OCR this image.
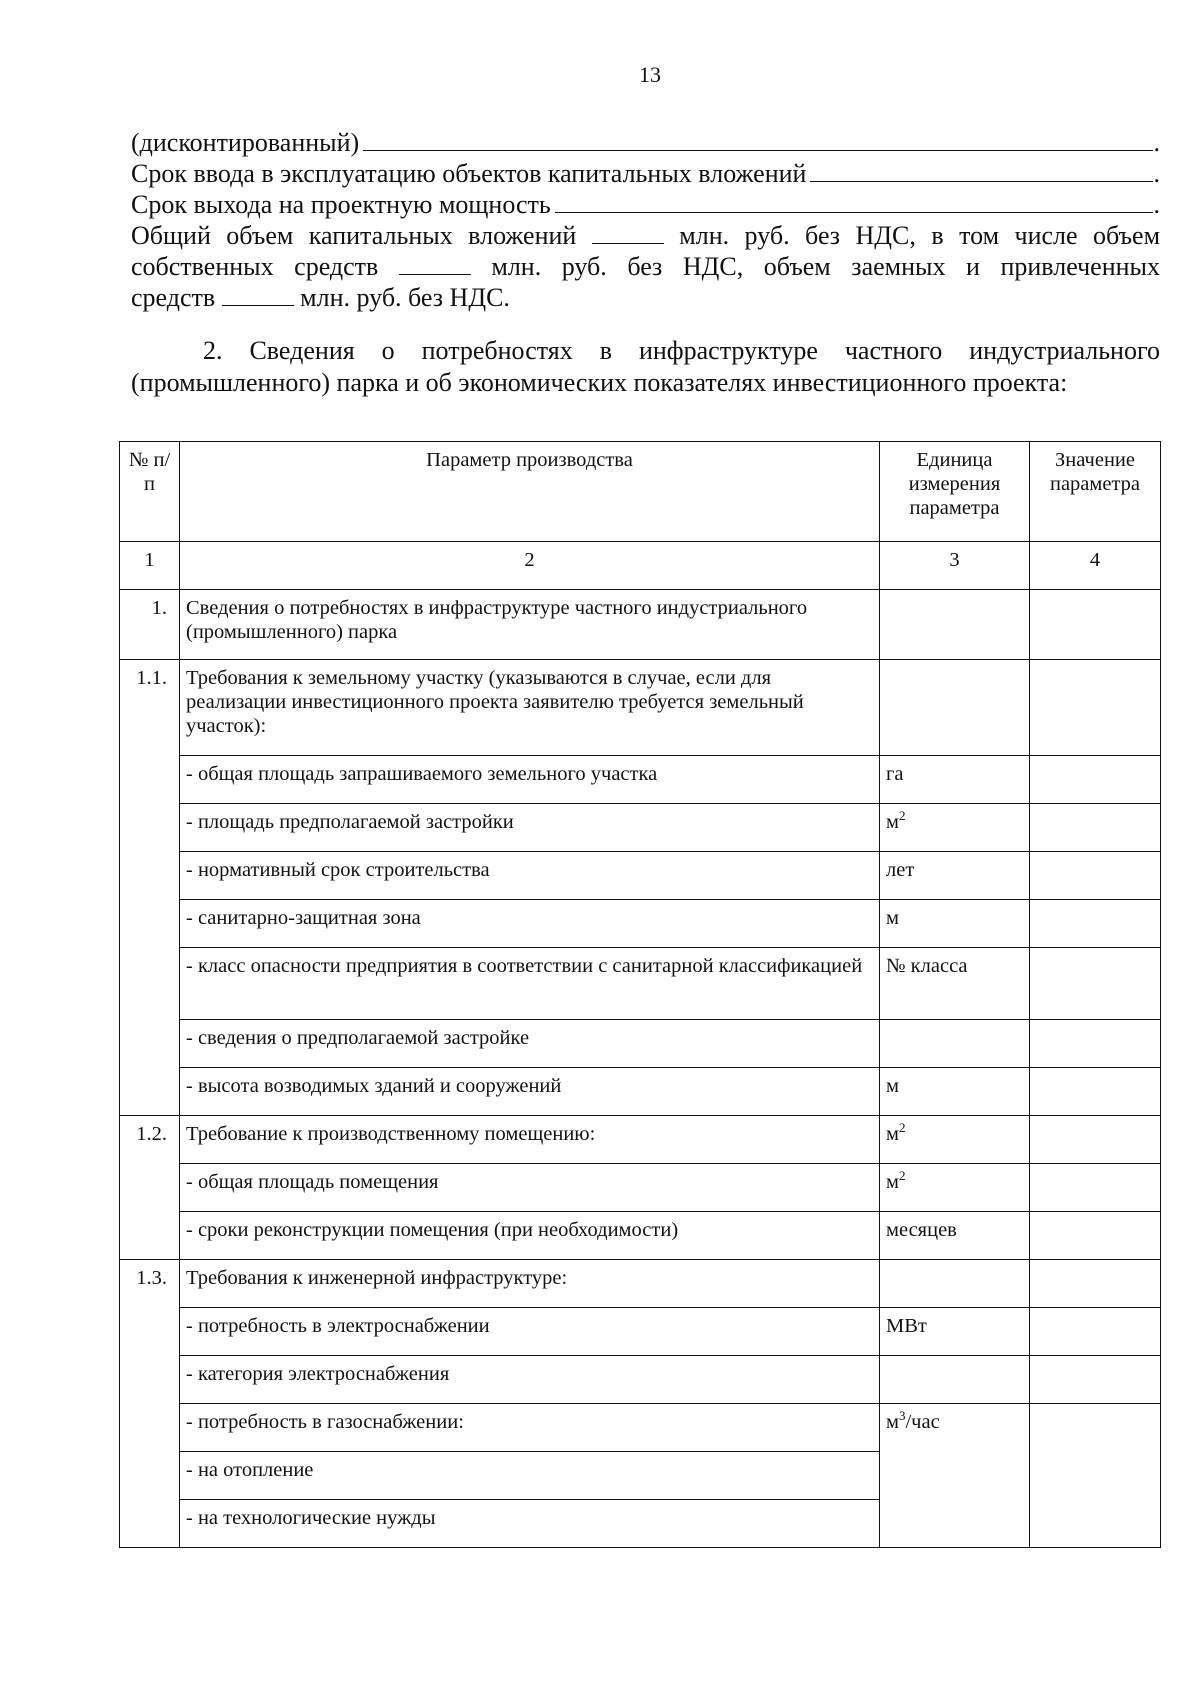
13
(дисконтированный)	.
Срок ввода в эксплуатацию объектов капитальных вложений	.
Срок выхода на проектную мощность	.
Общий объем капитальных вложений	млн. руб. без НДС, в том числе объем
собственных средств	млн. руб. без НДС, объем заемных и привлеченных
средств	млн. руб. без НДС.
2. Сведения о потребностях в инфраструктуре частного индустриального
(промышленного) парка и об экономических показателях инвестиционного проекта:
№ п/п	Параметр производства	Единица измерения параметра	Значение параметра
1	2	3	4
1.	Сведения о потребностях в инфраструктуре частного индустриального (промышленного) парка		
1.1.	Требования к земельному участку (указываются в случае, если для реализации инвестиционного проекта заявителю требуется земельный участок):		
	- общая площадь запрашиваемого земельного участка	га	
	- площадь предполагаемой застройки	$м^2$	
	- нормативный срок строительства	лет	
	- санитарно-защитная зона	м	
	- класс опасности предприятия в соответствии с санитарной классификацией	№ класса	
	- сведения о предполагаемой застройке		
	- высота возводимых зданий и сооружений	м	
1.2.	Требование к производственному помещению:	$м^2$	
	- общая площадь помещения	$м^2$	
	- сроки реконструкции помещения (при необходимости)	месяцев	
1.3.	Требования к инженерной инфраструктуре:		
	- потребность в электроснабжении	МВт	
	- категория электроснабжения		
	- потребность в газоснабжении:	$м^3$/час	
	- на отопление		
	- на технологические нужды		
